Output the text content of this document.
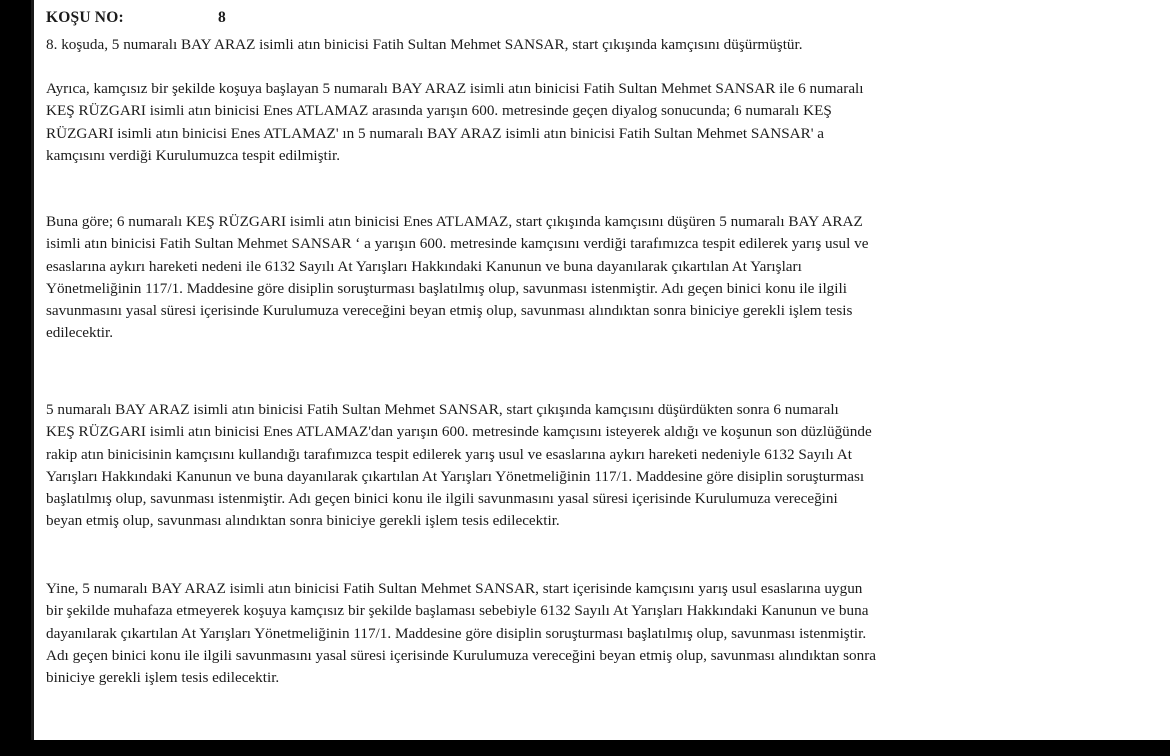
KOŞU NO:	8

8. koşuda, 5 numaralı BAY ARAZ isimli atın binicisi Fatih Sultan Mehmet SANSAR, start çıkışında kamçısını düşürmüştür.

Ayrıca, kamçısız bir şekilde koşuya başlayan 5 numaralı BAY ARAZ isimli atın binicisi Fatih Sultan Mehmet SANSAR ile 6 numaralı
KEŞ RÜZGARI isimli atın binicisi Enes ATLAMAZ arasında yarışın 600. metresinde geçen diyalog sonucunda; 6 numaralı KEŞ
RÜZGARI isimli atın binicisi Enes ATLAMAZ' ın 5 numaralı BAY ARAZ isimli atın binicisi Fatih Sultan Mehmet SANSAR' a
kamçısını verdiği Kurulumuzca tespit edilmiştir.

Buna göre; 6 numaralı KEŞ RÜZGARI isimli atın binicisi Enes ATLAMAZ, start çıkışında kamçısını düşüren 5 numaralı BAY ARAZ
isimli atın binicisi Fatih Sultan Mehmet SANSAR ‘ a yarışın 600. metresinde kamçısını verdiği tarafımızca tespit edilerek yarış usul ve
esaslarına aykırı hareketi nedeni ile 6132 Sayılı At Yarışları Hakkındaki Kanunun ve buna dayanılarak çıkartılan At Yarışları
Yönetmeliğinin 117/1. Maddesine göre disiplin soruşturması başlatılmış olup, savunması istenmiştir. Adı geçen binici konu ile ilgili
savunmasını yasal süresi içerisinde Kurulumuza vereceğini beyan etmiş olup, savunması alındıktan sonra biniciye gerekli işlem tesis
edilecektir.

5 numaralı BAY ARAZ isimli atın binicisi Fatih Sultan Mehmet SANSAR, start çıkışında kamçısını düşürdükten sonra 6 numaralı
KEŞ RÜZGARI isimli atın binicisi Enes ATLAMAZ'dan yarışın 600. metresinde kamçısını isteyerek aldığı ve koşunun son düzlüğünde
rakip atın binicisinin kamçısını kullandığı tarafımızca tespit edilerek yarış usul ve esaslarına aykırı hareketi nedeniyle 6132 Sayılı At
Yarışları Hakkındaki Kanunun ve buna dayanılarak çıkartılan At Yarışları Yönetmeliğinin 117/1. Maddesine göre disiplin soruşturması
başlatılmış olup, savunması istenmiştir. Adı geçen binici konu ile ilgili savunmasını yasal süresi içerisinde Kurulumuza vereceğini
beyan etmiş olup, savunması alındıktan sonra biniciye gerekli işlem tesis edilecektir.

Yine, 5 numaralı BAY ARAZ isimli atın binicisi Fatih Sultan Mehmet SANSAR, start içerisinde kamçısını yarış usul esaslarına uygun
bir şekilde muhafaza etmeyerek koşuya kamçısız bir şekilde başlaması sebebiyle 6132 Sayılı At Yarışları Hakkındaki Kanunun ve buna
dayanılarak çıkartılan At Yarışları Yönetmeliğinin 117/1. Maddesine göre disiplin soruşturması başlatılmış olup, savunması istenmiştir.
Adı geçen binici konu ile ilgili savunmasını yasal süresi içerisinde Kurulumuza vereceğini beyan etmiş olup, savunması alındıktan sonra
biniciye gerekli işlem tesis edilecektir.
